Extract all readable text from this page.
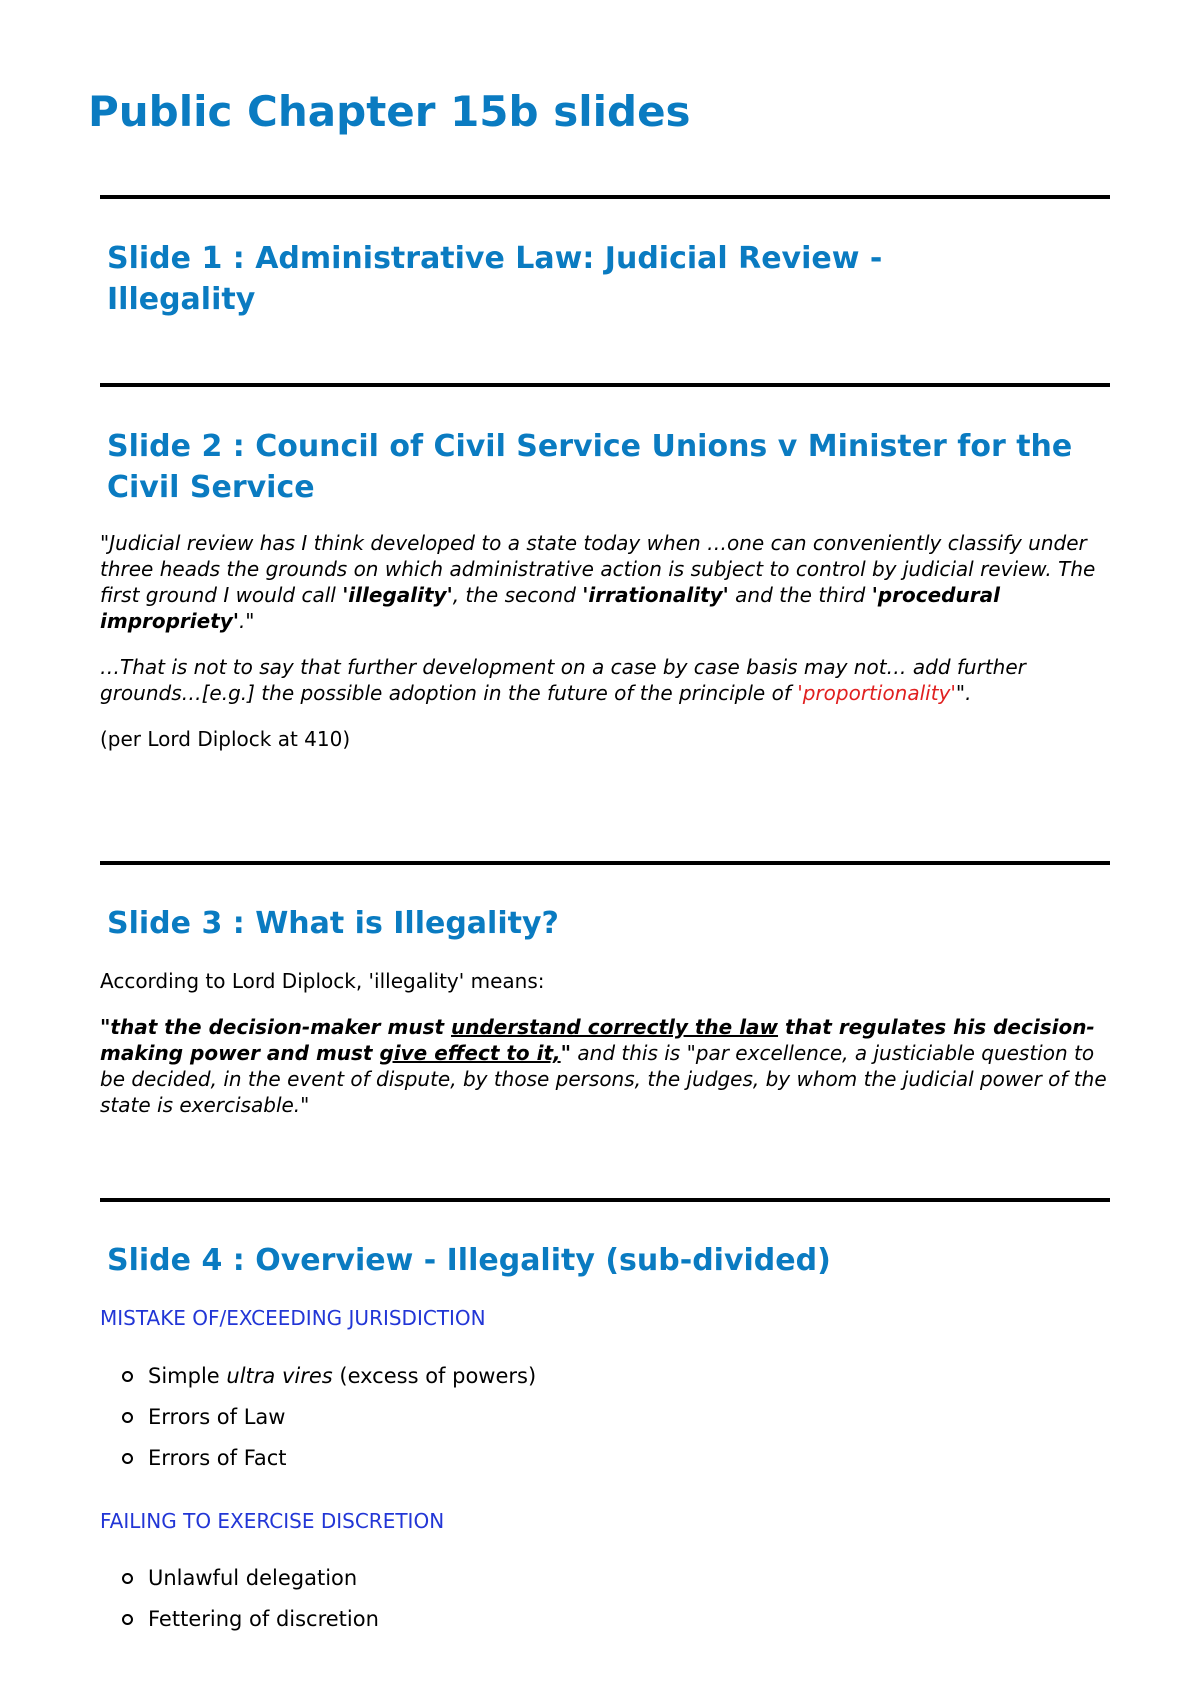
Public Chapter 15b slides
Slide 1 : Administrative Law: Judicial Review - Illegality
Slide 2 : Council of Civil Service Unions v Minister for the Civil Service

"Judicial review has I think developed to a state today when …one can conveniently classify under three heads the grounds on which administrative action is subject to control by judicial review. The first ground I would call 'illegality', the second 'irrationality' and the third 'procedural impropriety'."

…That is not to say that further development on a case by case basis may not… add further grounds…[e.g.] the possible adoption in the future of the principle of 'proportionality'".

(per Lord Diplock at 410)

Slide 3 : What is Illegality?

According to Lord Diplock, 'illegality' means:

"that the decision-maker must understand correctly the law that regulates his decision-making power and must give effect to it," and this is "par excellence, a justiciable question to be decided, in the event of dispute, by those persons, the judges, by whom the judicial power of the state is exercisable."

Slide 4 : Overview - Illegality (sub-divided)
MISTAKE OF/EXCEEDING JURISDICTION
Simple ultra vires (excess of powers)
Errors of Law
Errors of Fact
FAILING TO EXERCISE DISCRETION
Unlawful delegation
Fettering of discretion
